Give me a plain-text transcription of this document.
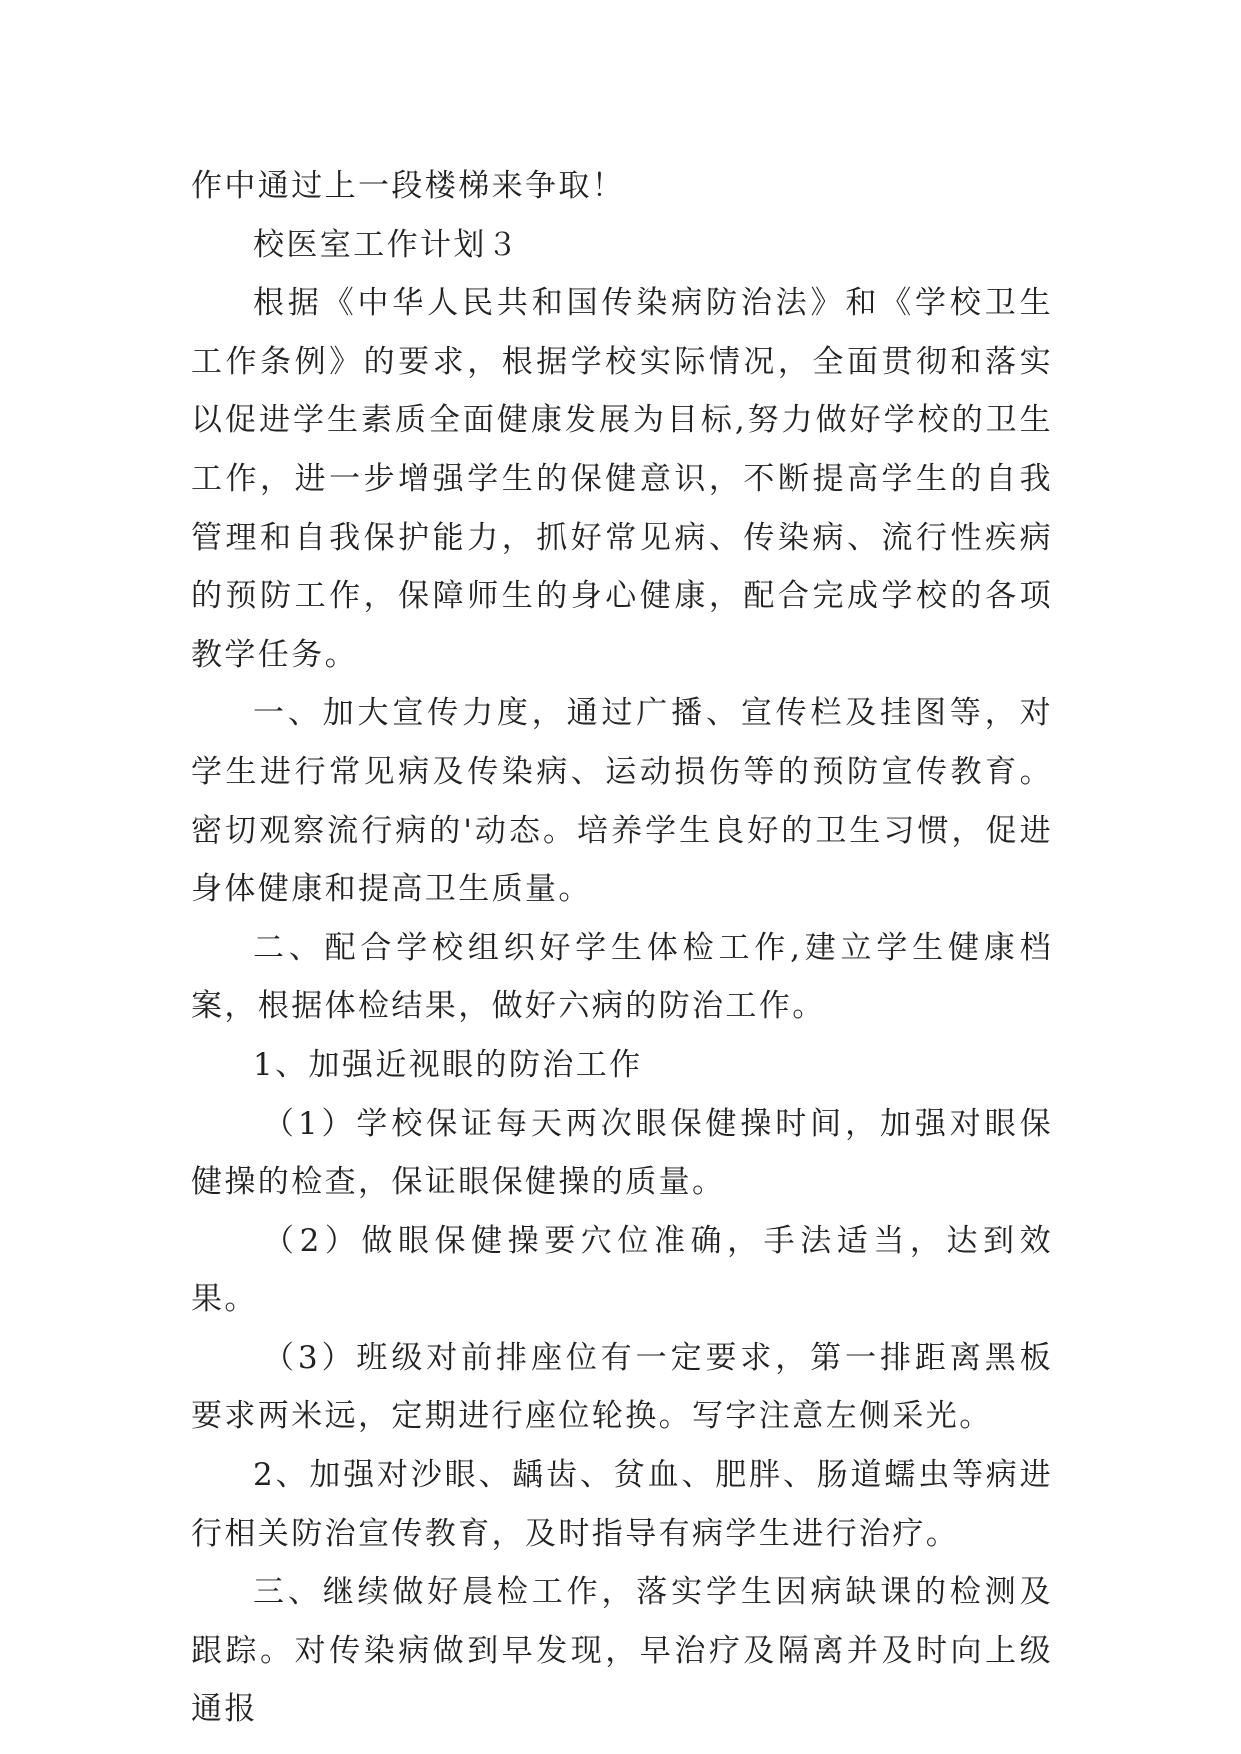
作中通过上一段楼梯来争取！

校医室工作计划３

根据《中华人民共和国传染病防治法》和《学校卫生工作条例》的要求，根据学校实际情况，全面贯彻和落实以促进学生素质全面健康发展为目标,努力做好学校的卫生工作，进一步增强学生的保健意识，不断提高学生的自我管理和自我保护能力，抓好常见病、传染病、流行性疾病的预防工作，保障师生的身心健康，配合完成学校的各项教学任务。

一、加大宣传力度，通过广播、宣传栏及挂图等，对学生进行常见病及传染病、运动损伤等的预防宣传教育。密切观察流行病的'动态。培养学生良好的卫生习惯，促进身体健康和提高卫生质量。

二、配合学校组织好学生体检工作,建立学生健康档案，根据体检结果，做好六病的防治工作。

1、加强近视眼的防治工作

（1）学校保证每天两次眼保健操时间，加强对眼保健操的检查，保证眼保健操的质量。

（2）做眼保健操要穴位准确，手法适当，达到效果。

（3）班级对前排座位有一定要求，第一排距离黑板要求两米远，定期进行座位轮换。写字注意左侧采光。

2、加强对沙眼、龋齿、贫血、肥胖、肠道蠕虫等病进行相关防治宣传教育，及时指导有病学生进行治疗。

三、继续做好晨检工作，落实学生因病缺课的检测及跟踪。对传染病做到早发现，早治疗及隔离并及时向上级通报
